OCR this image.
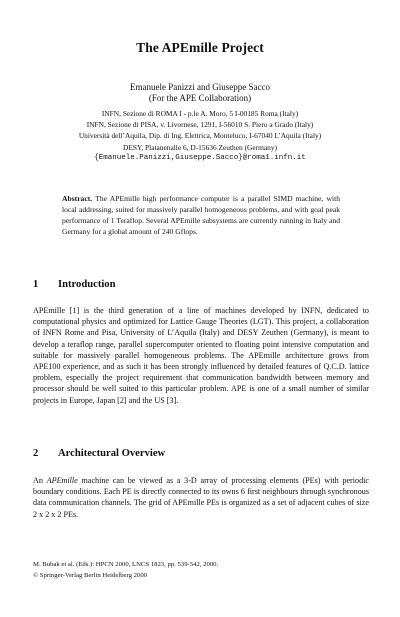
The APEmille Project
Emanuele Panizzi and Giuseppe Sacco
(For the APE Collaboration)
INFN, Sezione di ROMA I - p.le A. Moro, 5 I-00185 Roma (Italy)
INFN, Sezione di PISA, v. Livornese, 1291, I-56010 S. Piero a Grado (Italy)
Università dell’Aquila, Dip. di Ing. Elettrica, Monteluco, I-67040 L’Aquila (Italy)
DESY, Platanenalle 6, D-15636 Zeuthen (Germany)
{Emanuele.Panizzi,Giuseppe.Sacco}@roma1.infn.it
Abstract. The APEmille high performance computer is a parallel SIMD machine, with local addressing, suited for massively parallel homogeneous problems, and with goal peak performance of 1 Teraflop. Several APEmille subsystems are currently running in Italy and Germany for a global amount of 240 Gflops.
1 Introduction
APEmille [1] is the third generation of a line of machines developed by INFN, dedicated to computational physics and optimized for Lattice Gauge Theories (LGT). This project, a collaboration of INFN Rome and Pisa, University of L’Aquila (Italy) and DESY Zeuthen (Germany), is meant to develop a teraflop range, parallel supercomputer oriented to floating point intensive computation and suitable for massively parallel homogeneous problems. The APEmille architecture grows from APE100 experience, and as such it has been strongly influenced by detailed features of Q.C.D. lattice problem, especially the project requirement that communication bandwidth between memory and processor should be well suited to this particular problem. APE is one of a small number of similar projects in Europe, Japan [2] and the US [3].
2 Architectural Overview
An APEmille machine can be viewed as a 3-D array of processing elements (PEs) with periodic boundary conditions. Each PE is directly connected to its owns 6 first neighbours through synchronous data communication channels. The grid of APEmille PEs is organized as a set of adjacent cubes of size 2 x 2 x 2 PEs.
M. Bubak et al. (Eds.): HPCN 2000, LNCS 1823, pp. 539-542, 2000.
© Springer-Verlag Berlin Heidelberg 2000
